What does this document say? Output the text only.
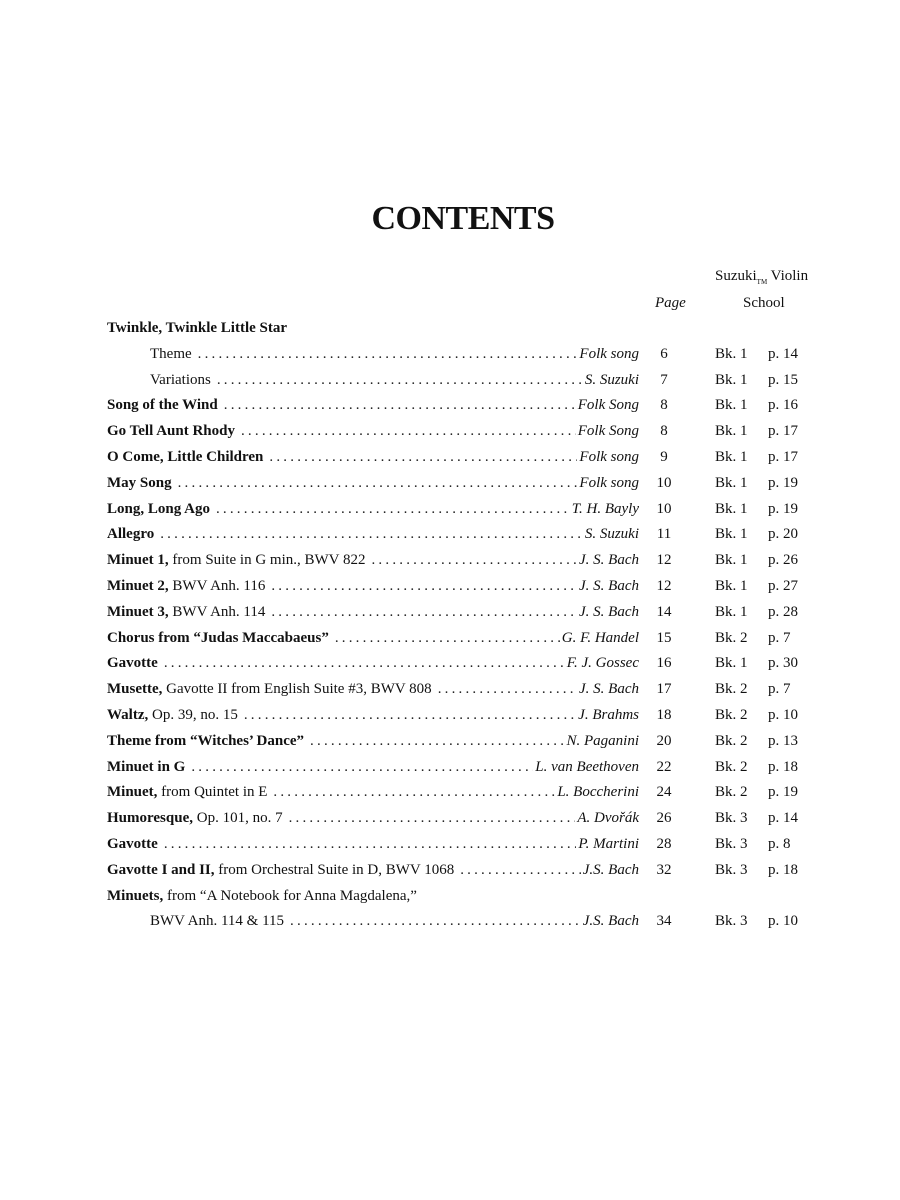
CONTENTS
Suzuki$_{TM}$ Violin
School
Page
Twinkle, Twinkle Little Star
Theme .....	Folk song	6	Bk. 1 p. 14
Variations .....	S. Suzuki	7	Bk. 1 p. 15
Song of the Wind .....	Folk Song	8	Bk. 1 p. 16
Go Tell Aunt Rhody .....	Folk Song	8	Bk. 1 p. 17
O Come, Little Children .....	Folk song	9	Bk. 1 p. 17
May Song .....	Folk song	10	Bk. 1 p. 19
Long, Long Ago .....	T. H. Bayly	10	Bk. 1 p. 19
Allegro .....	S. Suzuki	11	Bk. 1 p. 20
Minuet 1, from Suite in G min., BWV 822 .....	J. S. Bach	12	Bk. 1 p. 26
Minuet 2, BWV Anh. 116 .....	J. S. Bach	12	Bk. 1 p. 27
Minuet 3, BWV Anh. 114 .....	J. S. Bach	14	Bk. 1 p. 28
Chorus from “Judas Maccabaeus” .....	G. F. Handel	15	Bk. 2 p. 7
Gavotte .....	F. J. Gossec	16	Bk. 1 p. 30
Musette, Gavotte II from English Suite #3, BWV 808 .....	J. S. Bach	17	Bk. 2 p. 7
Waltz, Op. 39, no. 15 .....	J. Brahms	18	Bk. 2 p. 10
Theme from “Witches’ Dance” .....	N. Paganini	20	Bk. 2 p. 13
Minuet in G .....	L. van Beethoven	22	Bk. 2 p. 18
Minuet, from Quintet in E .....	L. Boccherini	24	Bk. 2 p. 19
Humoresque, Op. 101, no. 7 .....	A. Dvořák	26	Bk. 3 p. 14
Gavotte .....	P. Martini	28	Bk. 3 p. 8
Gavotte I and II, from Orchestral Suite in D, BWV 1068 .....	J.S. Bach	32	Bk. 3 p. 18
Minuets, from “A Notebook for Anna Magdalena,”
BWV Anh. 114 & 115 .....	J.S. Bach	34	Bk. 3 p. 10
